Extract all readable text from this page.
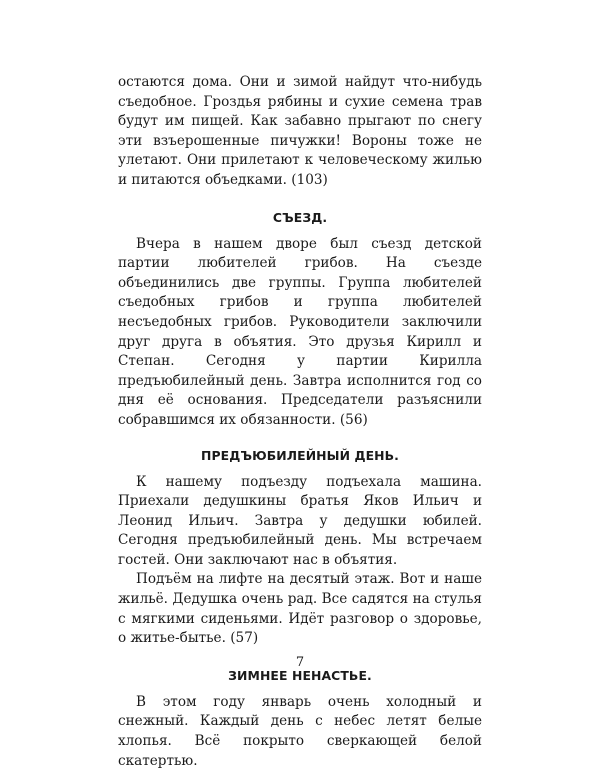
остаются дома. Они и зимой найдут что-нибудь съедобное. Гроздья рябины и сухие семена трав будут им пищей. Как забавно прыгают по снегу эти взъерошенные пичужки! Вороны тоже не улетают. Они прилетают к человеческому жилью и питаются объедками. (103)

СЪЕЗД.

Вчера в нашем дворе был съезд детской партии любителей грибов. На съезде объединились две группы. Группа любителей съедобных грибов и группа любителей несъедобных грибов. Руководители заключили друг друга в объятия. Это друзья Кирилл и Степан. Сегодня у партии Кирилла предъюбилейный день. Завтра исполнится год со дня её основания. Председатели разъяснили собравшимся их обязанности. (56)

ПРЕДЪЮБИЛЕЙНЫЙ ДЕНЬ.

К нашему подъезду подъехала машина. Приехали дедушкины братья Яков Ильич и Леонид Ильич. Завтра у дедушки юбилей. Сегодня предъюбилейный день. Мы встречаем гостей. Они заключают нас в объятия.

Подъём на лифте на десятый этаж. Вот и наше жильё. Дедушка очень рад. Все садятся на стулья с мягкими сиденьями. Идёт разговор о здоровье, о житье-бытье. (57)

ЗИМНЕЕ НЕНАСТЬЕ.

В этом году январь очень холодный и снежный. Каждый день с небес летят белые хлопья. Всё покрыто сверкающей белой скатертью.

7
